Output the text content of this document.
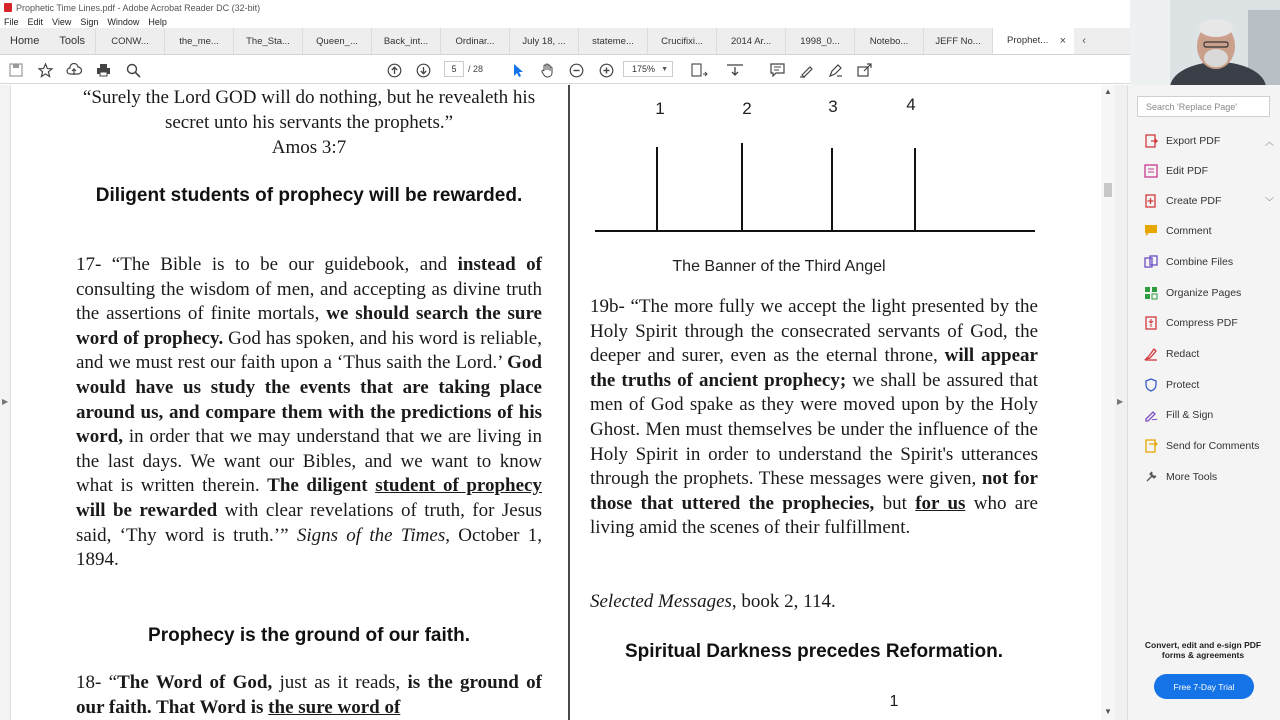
Prophetic Time Lines.pdf - Adobe Acrobat Reader DC (32-bit)
File Edit View Sign Window Help
Home	Tools	CONW...	the_me...	The_Sta...	Queen_...	Back_int...	Ordinar...	July 18, ...	stateme...	Crucifixi...	2014 Ar...	1998_0...	Notebo...	JEFF No...	Prophet... ×	‹
5	/ 28	175% ▼
▶
“Surely the Lord GOD will do nothing, but he revealeth his secret unto his servants the prophets.”
Amos 3:7
Diligent students of prophecy will be rewarded.
17- “The Bible is to be our guidebook, and instead of consulting the wisdom of men, and accepting as divine truth the assertions of finite mortals, we should search the sure word of prophecy. God has spoken, and his word is reliable, and we must rest our faith upon a ‘Thus saith the Lord.’ God would have us study the events that are taking place around us, and compare them with the predictions of his word, in order that we may understand that we are living in the last days. We want our Bibles, and we want to know what is written therein. The diligent student of prophecy will be rewarded with clear revelations of truth, for Jesus said, ‘Thy word is truth.’” Signs of the Times, October 1, 1894.
Prophecy is the ground of our faith.
18- “The Word of God, just as it reads, is the ground of our faith. That Word is the sure word of
1	2	3	4
The Banner of the Third Angel
19b- “The more fully we accept the light presented by the Holy Spirit through the consecrated servants of God, the deeper and surer, even as the eternal throne, will appear the truths of ancient prophecy; we shall be assured that men of God spake as they were moved upon by the Holy Ghost. Men must themselves be under the influence of the Holy Spirit in order to understand the Spirit's utterances through the prophets. These messages were given, not for those that uttered the prophecies, but for us who are living amid the scenes of their fulfillment.
Selected Messages, book 2, 114.
Spiritual Darkness precedes Reformation.
1
▲
▼
▶
Search 'Replace Page'
Export PDF	︿
Edit PDF
Create PDF	﹀
Comment
Combine Files
Organize Pages
Compress PDF
Redact
Protect
Fill & Sign
Send for Comments
More Tools
Convert, edit and e-sign PDF forms & agreements
Free 7-Day Trial
